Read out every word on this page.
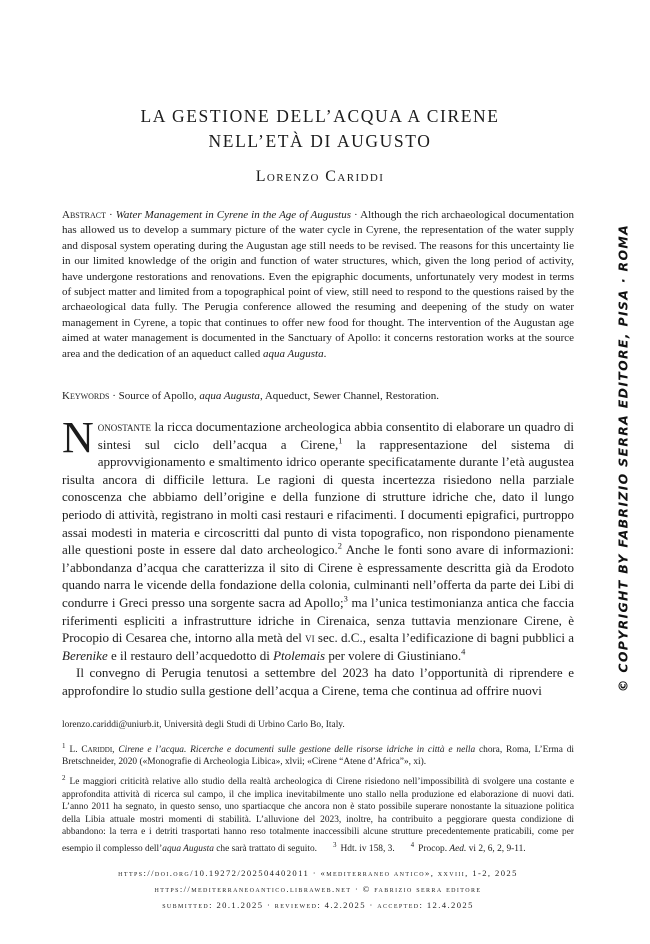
LA GESTIONE DELL’ACQUA A CIRENE
NELL’ETÀ DI AUGUSTO
Lorenzo Cariddi
Abstract · Water Management in Cyrene in the Age of Augustus · Although the rich archaeological documentation has allowed us to develop a summary picture of the water cycle in Cyrene, the representation of the water supply and disposal system operating during the Augustan age still needs to be revised. The reasons for this uncertainty lie in our limited knowledge of the origin and function of water structures, which, given the long period of activity, have undergone restorations and renovations. Even the epigraphic documents, unfortunately very modest in terms of subject matter and limited from a topographical point of view, still need to respond to the questions raised by the archaeological data fully. The Perugia conference allowed the resuming and deepening of the study on water management in Cyrene, a topic that continues to offer new food for thought. The intervention of the Augustan age aimed at water management is documented in the Sanctuary of Apollo: it concerns restoration works at the source area and the dedication of an aqueduct called aqua Augusta.
Keywords · Source of Apollo, aqua Augusta, Aqueduct, Sewer Channel, Restoration.

Nonostante la ricca documentazione archeologica abbia consentito di elaborare un quadro di sintesi sul ciclo dell’acqua a Cirene,$^1$ la rappresentazione del sistema di approvvigionamento e smaltimento idrico operante specificatamente durante l’età augustea risulta ancora di difficile lettura. Le ragioni di questa incertezza risiedono nella parziale conoscenza che abbiamo dell’origine e della funzione di strutture idriche che, dato il lungo periodo di attività, registrano in molti casi restauri e rifacimenti. I documenti epigrafici, purtroppo assai modesti in materia e circoscritti dal punto di vista topografico, non rispondono pienamente alle questioni poste in essere dal dato archeologico.$^2$ Anche le fonti sono avare di informazioni: l’abbondanza d’acqua che caratterizza il sito di Cirene è espressamente descritta già da Erodoto quando narra le vicende della fondazione della colonia, culminanti nell’offerta da parte dei Libi di condurre i Greci presso una sorgente sacra ad Apollo;$^3$ ma l’unica testimonianza antica che faccia riferimenti espliciti a infrastrutture idriche in Cirenaica, senza tuttavia menzionare Cirene, è Procopio di Cesarea che, intorno alla metà del vi sec. d.C., esalta l’edificazione di bagni pubblici a Berenike e il restauro dell’acquedotto di Ptolemais per volere di Giustiniano.$^4$

Il convegno di Perugia tenutosi a settembre del 2023 ha dato l’opportunità di riprendere e approfondire lo studio sulla gestione dell’acqua a Cirene, tema che continua ad offrire nuovi

lorenzo.cariddi@uniurb.it, Università degli Studi di Urbino Carlo Bo, Italy.

$^1$ L. Cariddi, Cirene e l’acqua. Ricerche e documenti sulle gestione delle risorse idriche in città e nella chora, Roma, L’Erma di Bretschneider, 2020 («Monografie di Archeologia Libica», xlvii; «Cirene “Atene d’Africa”», xi).

$^2$ Le maggiori criticità relative allo studio della realtà archeologica di Cirene risiedono nell’impossibilità di svolgere una costante e approfondita attività di ricerca sul campo, il che implica inevitabilmente uno stallo nella produzione ed elaborazione di nuovi dati. L’anno 2011 ha segnato, in questo senso, uno spartiacque che ancora non è stato possibile superare nonostante la situazione politica della Libia attuale mostri momenti di stabilità. L’alluvione del 2023, inoltre, ha contribuito a peggiorare questa condizione di abbandono: la terra e i detriti trasportati hanno reso totalmente inaccessibili alcune strutture precedentemente praticabili, come per esempio il complesso dell’aqua Augusta che sarà trattato di seguito. $^3$ Hdt. iv 158, 3. $^4$ Procop. Aed. vi 2, 6, 2, 9-11.

https://doi.org/10.19272/202504402011 · «mediterraneo antico», xxviii, 1-2, 2025
https://mediterraneoantico.libraweb.net · © fabrizio serra editore
submitted: 20.1.2025 · reviewed: 4.2.2025 · accepted: 12.4.2025
© COPYRIGHT BY FABRIZIO SERRA EDITORE, PISA · ROMA
